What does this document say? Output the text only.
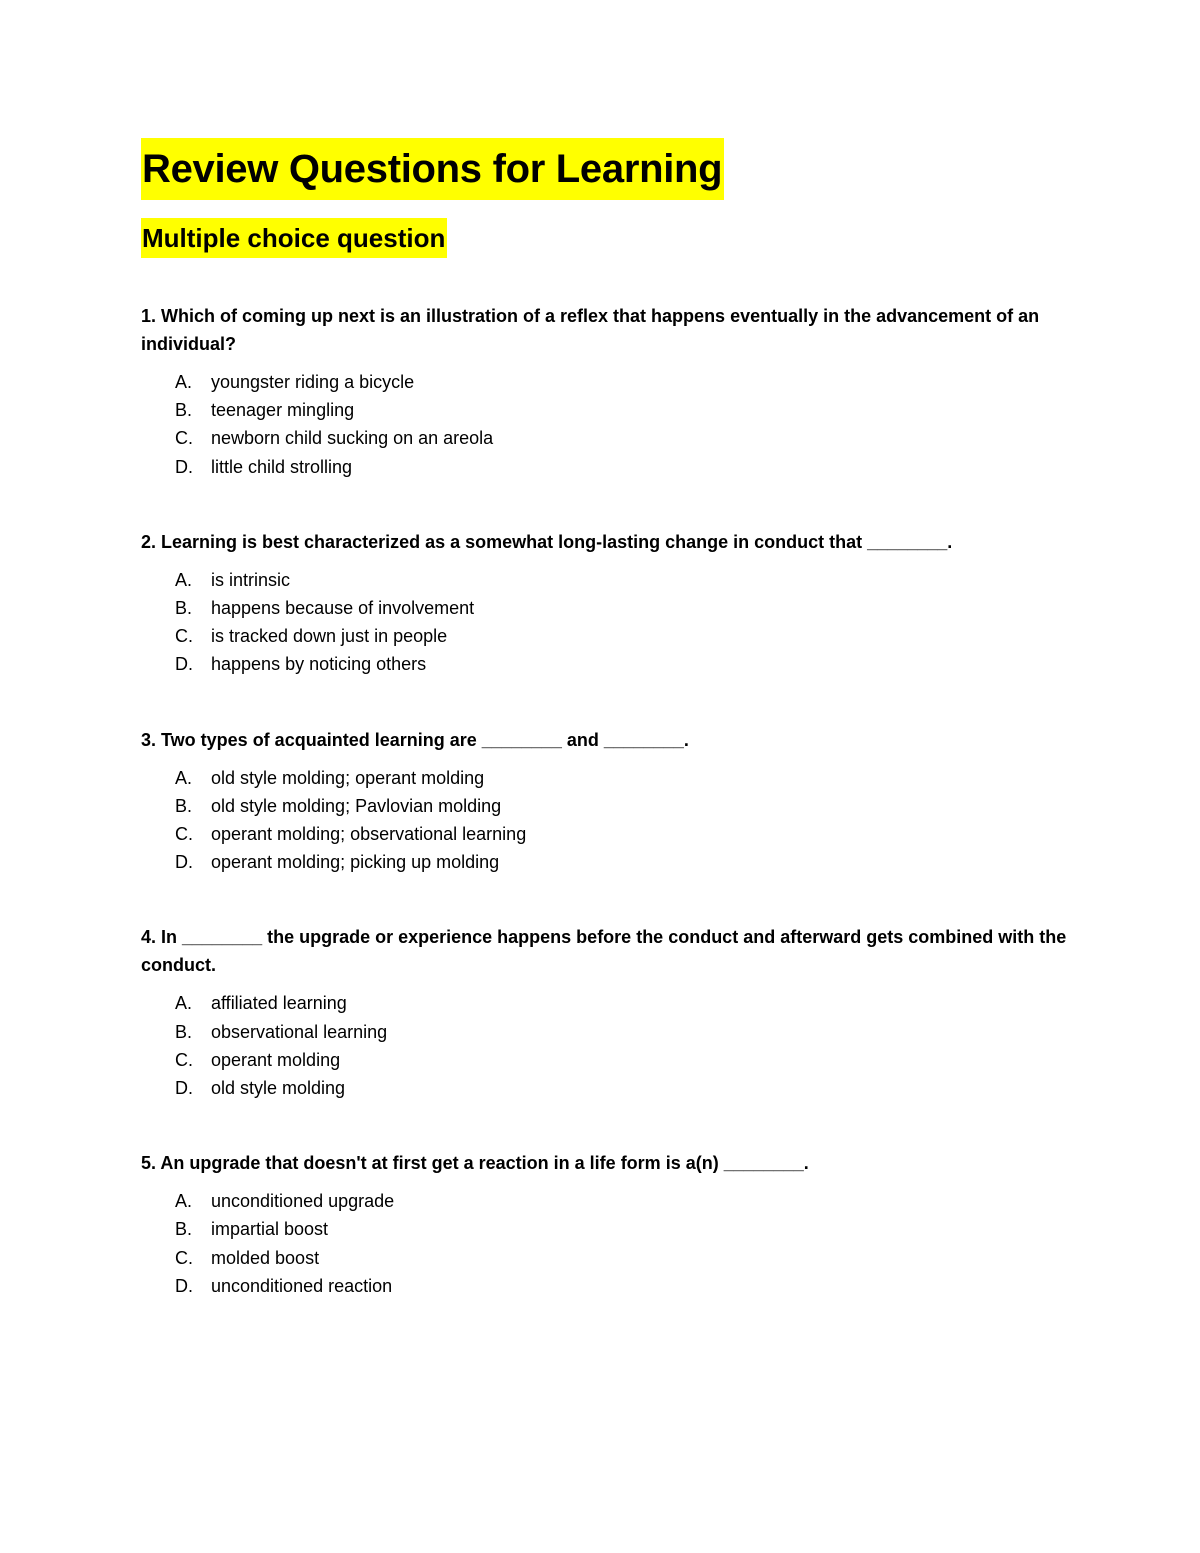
Review Questions for Learning
Multiple choice question

1. Which of coming up next is an illustration of a reflex that happens eventually in the advancement of an individual?

A.	youngster riding a bicycle
B.	teenager mingling
C.	newborn child sucking on an areola
D.	little child strolling

2. Learning is best characterized as a somewhat long-lasting change in conduct that ________.

A.	is intrinsic
B.	happens because of involvement
C.	is tracked down just in people
D.	happens by noticing others

3. Two types of acquainted learning are ________ and ________.

A.	old style molding; operant molding
B.	old style molding; Pavlovian molding
C.	operant molding; observational learning
D.	operant molding; picking up molding

4. In ________ the upgrade or experience happens before the conduct and afterward gets combined with the conduct.

A.	affiliated learning
B.	observational learning
C.	operant molding
D.	old style molding

5. An upgrade that doesn't at first get a reaction in a life form is a(n) ________.

A.	unconditioned upgrade
B.	impartial boost
C.	molded boost
D.	unconditioned reaction
